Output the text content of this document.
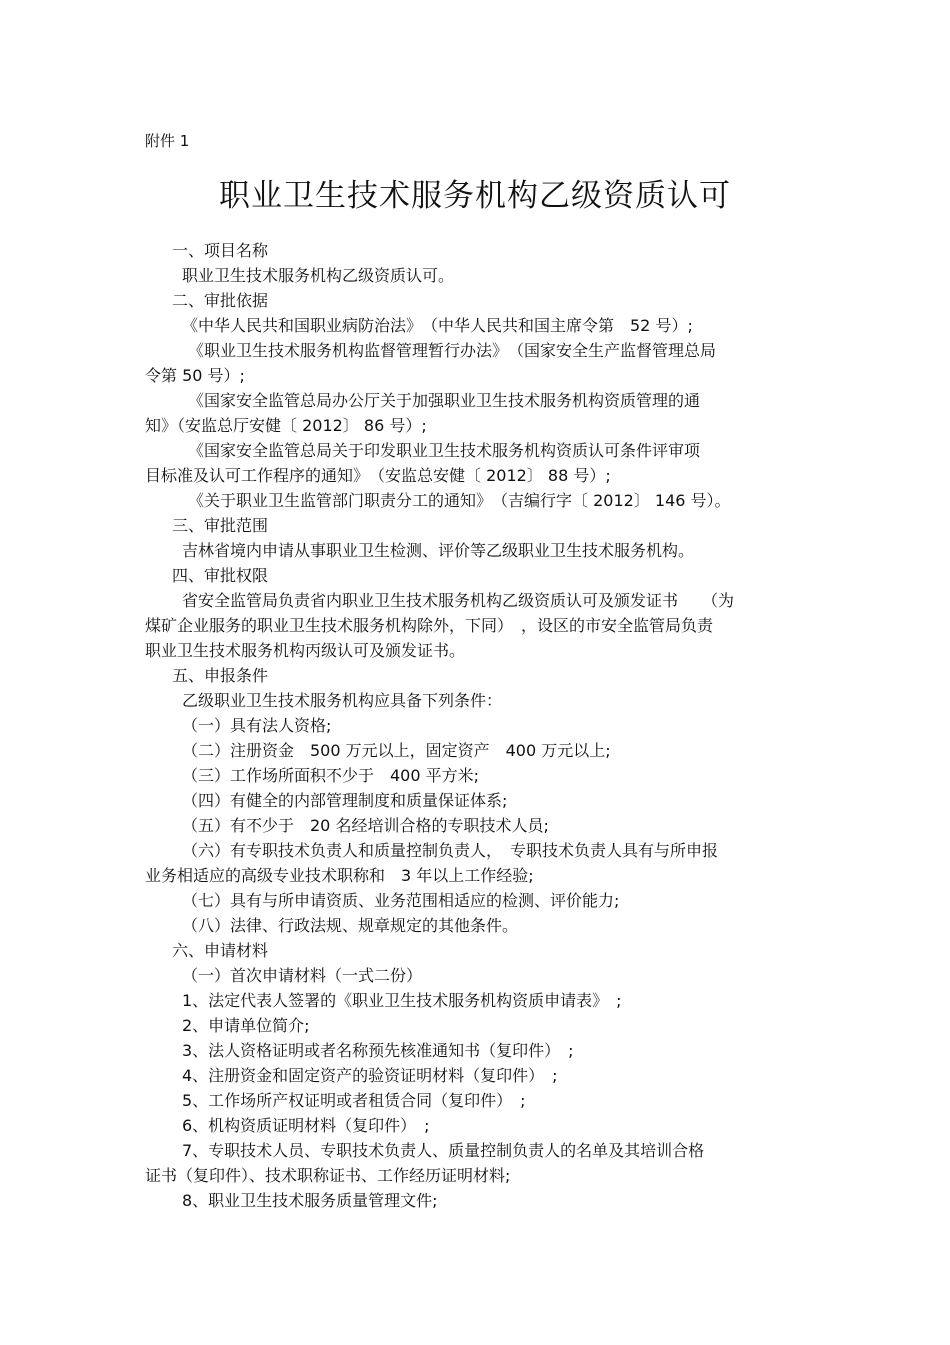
附件 1
职业卫生技术服务机构乙级资质认可
一、项目名称
职业卫生技术服务机构乙级资质认可。
二、审批依据
《中华人民共和国职业病防治法》　（中华人民共和国主席令第　52 号）;
《职业卫生技术服务机构监督管理暂行办法》　（国家安全生产监督管理总局
令第 50 号）;
《国家安全监管总局办公厅关于加强职业卫生技术服务机构资质管理的通
知》（安监总厅安健〔 2012〕 86 号）;
《国家安全监管总局关于印发职业卫生技术服务机构资质认可条件评审项
目标准及认可工作程序的通知》　（安监总安健〔 2012〕 88 号）;
《关于职业卫生监管部门职责分工的通知》　（吉编行字〔 2012〕 146 号）。
三、审批范围
吉林省境内申请从事职业卫生检测、评价等乙级职业卫生技术服务机构。
四、审批权限
省安全监管局负责省内职业卫生技术服务机构乙级资质认可及颁发证书　　（为
煤矿企业服务的职业卫生技术服务机构除外，下同）　，设区的市安全监管局负责
职业卫生技术服务机构丙级认可及颁发证书。
五、申报条件
乙级职业卫生技术服务机构应具备下列条件：
（一）具有法人资格;
（二）注册资金　500 万元以上，固定资产　400 万元以上;
（三）工作场所面积不少于　400 平方米;
（四）有健全的内部管理制度和质量保证体系;
（五）有不少于　20 名经培训合格的专职技术人员;
（六）有专职技术负责人和质量控制负责人，　专职技术负责人具有与所申报
业务相适应的高级专业技术职称和　3 年以上工作经验;
（七）具有与所申请资质、业务范围相适应的检测、评价能力;
（八）法律、行政法规、规章规定的其他条件。
六、申请材料
（一）首次申请材料（一式二份）
1、法定代表人签署的《职业卫生技术服务机构资质申请表》　;
2、申请单位简介;
3、法人资格证明或者名称预先核准通知书（复印件）　;
4、注册资金和固定资产的验资证明材料（复印件）　;
5、工作场所产权证明或者租赁合同（复印件）　;
6、机构资质证明材料（复印件）　;
7、专职技术人员、专职技术负责人、质量控制负责人的名单及其培训合格
证书（复印件）、技术职称证书、工作经历证明材料;
8、职业卫生技术服务质量管理文件;
